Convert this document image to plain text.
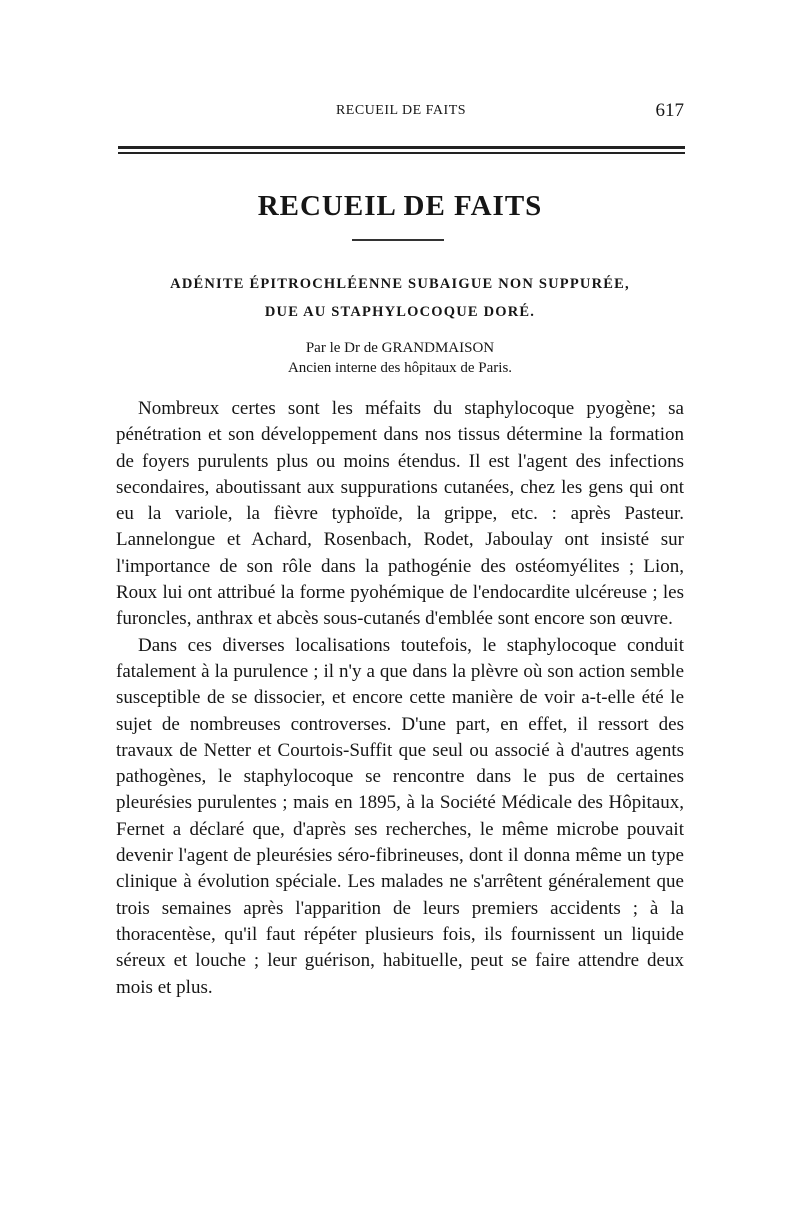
RECUEIL DE FAITS	617
RECUEIL DE FAITS
ADÉNITE ÉPITROCHLÉENNE SUBAIGUE NON SUPPURÉE,
DUE AU STAPHYLOCOQUE DORÉ.
Par le Dr de GRANDMAISON
Ancien interne des hôpitaux de Paris.

Nombreux certes sont les méfaits du staphylocoque pyogène; sa pénétration et son développement dans nos tissus détermine la formation de foyers purulents plus ou moins étendus. Il est l'agent des infections secondaires, aboutissant aux suppurations cutanées, chez les gens qui ont eu la variole, la fièvre typhoïde, la grippe, etc. : après Pasteur. Lannelongue et Achard, Rosenbach, Rodet, Jaboulay ont insisté sur l'importance de son rôle dans la pathogénie des ostéomyélites ; Lion, Roux lui ont attribué la forme pyohémique de l'endocardite ulcéreuse ; les furoncles, anthrax et abcès sous-cutanés d'emblée sont encore son œuvre.

Dans ces diverses localisations toutefois, le staphylocoque conduit fatalement à la purulence ; il n'y a que dans la plèvre où son action semble susceptible de se dissocier, et encore cette manière de voir a-t-elle été le sujet de nombreuses controverses. D'une part, en effet, il ressort des travaux de Netter et Courtois-Suffit que seul ou associé à d'autres agents pathogènes, le staphylocoque se rencontre dans le pus de certaines pleurésies purulentes ; mais en 1895, à la Société Médicale des Hôpitaux, Fernet a déclaré que, d'après ses recherches, le même microbe pouvait devenir l'agent de pleurésies séro-fibrineuses, dont il donna même un type clinique à évolution spéciale. Les malades ne s'arrêtent généralement que trois semaines après l'apparition de leurs premiers accidents ; à la thoracentèse, qu'il faut répéter plusieurs fois, ils fournissent un liquide séreux et louche ; leur guérison, habituelle, peut se faire attendre deux mois et plus.
